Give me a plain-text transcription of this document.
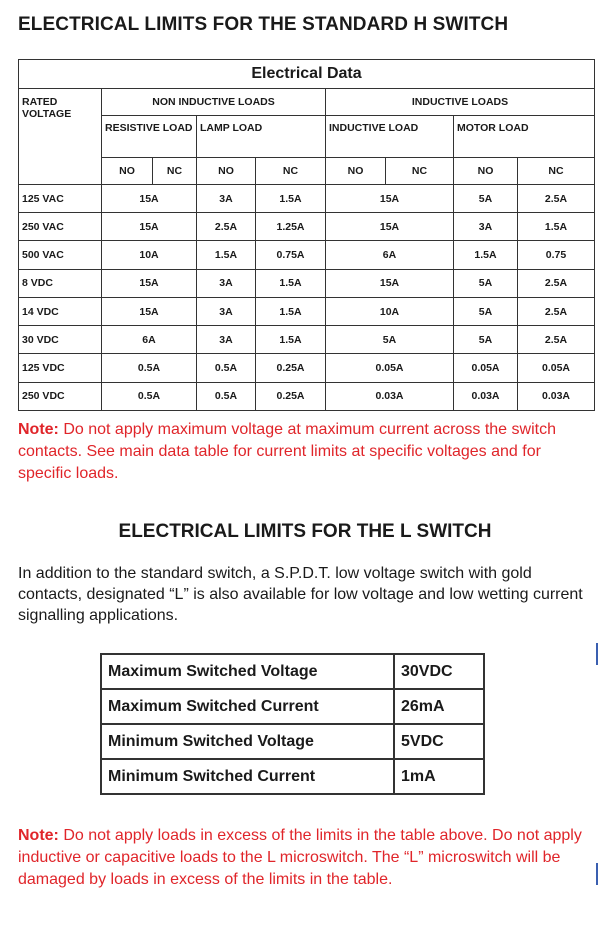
ELECTRICAL LIMITS FOR THE STANDARD H SWITCH
Electrical Data								
RATED VOLTAGE	NON INDUCTIVE LOADS				INDUCTIVE LOADS			
	RESISTIVE LOAD		LAMP LOAD		INDUCTIVE LOAD		MOTOR LOAD	
	NO	NC	NO	NC	NO	NC	NO	NC
125 VAC	15A		3A	1.5A	15A		5A	2.5A
250 VAC	15A		2.5A	1.25A	15A		3A	1.5A
500 VAC	10A		1.5A	0.75A	6A		1.5A	0.75
8 VDC	15A		3A	1.5A	15A		5A	2.5A
14 VDC	15A		3A	1.5A	10A		5A	2.5A
30 VDC	6A		3A	1.5A	5A		5A	2.5A
125 VDC	0.5A		0.5A	0.25A	0.05A		0.05A	0.05A
250 VDC	0.5A		0.5A	0.25A	0.03A		0.03A	0.03A
Note: Do not apply maximum voltage at maximum current across the switch contacts. See main data table for current limits at specific voltages and for specific loads.
ELECTRICAL LIMITS FOR THE L SWITCH
In addition to the standard switch, a S.P.D.T. low voltage switch with gold contacts, designated “L” is also available for low voltage and low wetting current signalling applications.
Maximum Switched Voltage	30VDC
Maximum Switched Current	26mA
Minimum Switched Voltage	5VDC
Minimum Switched Current	1mA
Note: Do not apply loads in excess of the limits in the table above. Do not apply inductive or capacitive loads to the L microswitch. The “L” microswitch will be damaged by loads in excess of the limits in the table.
